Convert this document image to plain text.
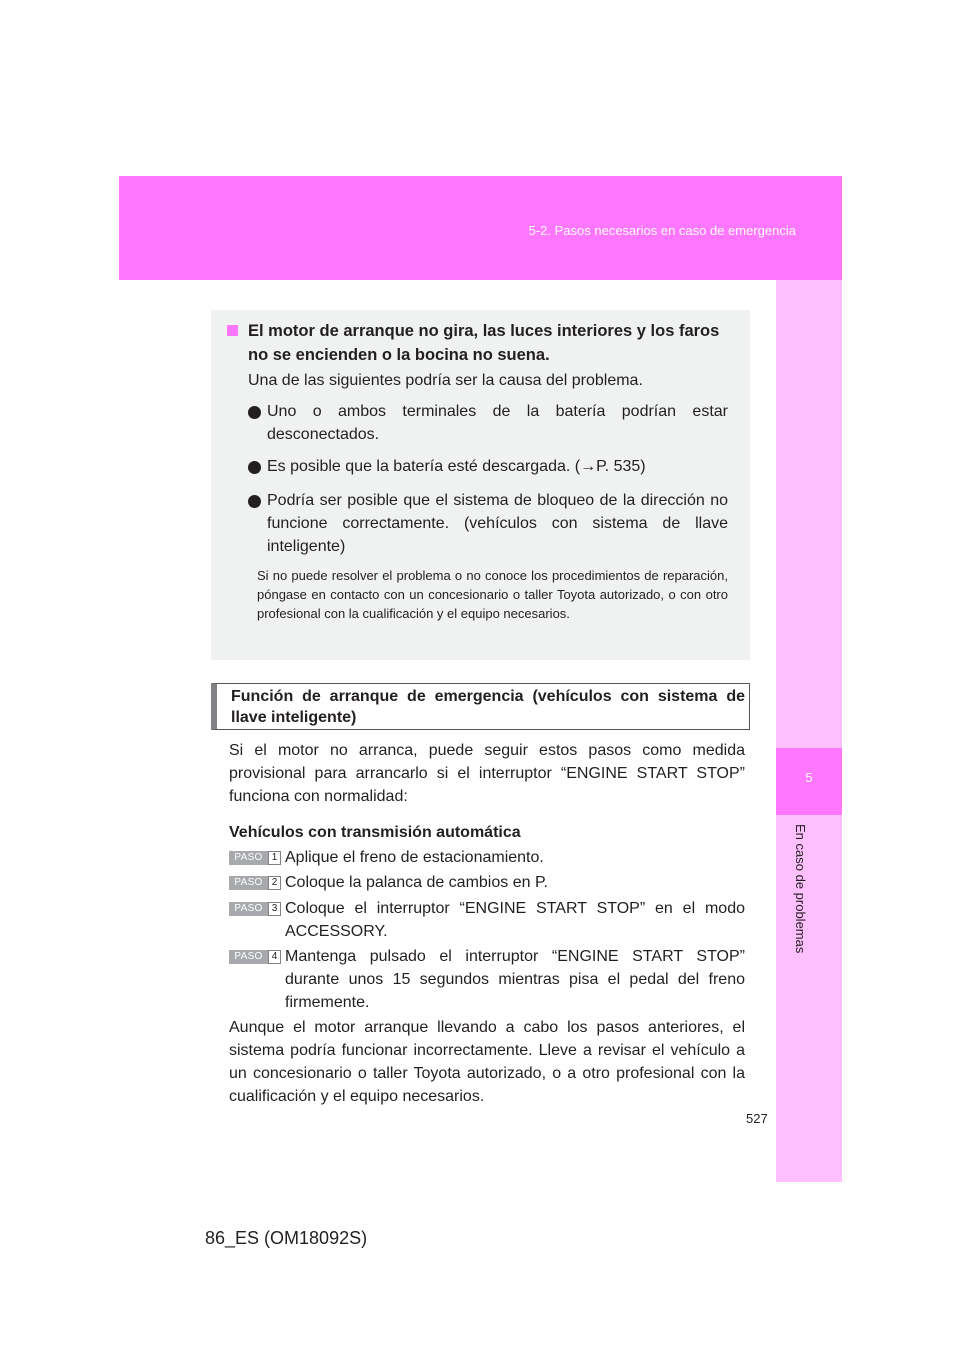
5-2. Pasos necesarios en caso de emergencia
5
En caso de problemas
El motor de arranque no gira, las luces interiores y los faros
no se encienden o la bocina no suena.
Una de las siguientes podría ser la causa del problema.
Uno o ambos terminales de la batería podrían estar desconectados.
Es posible que la batería esté descargada. (→P. 535)
Podría ser posible que el sistema de bloqueo de la dirección no funcione correctamente. (vehículos con sistema de llave inteligente)
Si no puede resolver el problema o no conoce los procedimientos de reparación, póngase en contacto con un concesionario o taller Toyota autorizado, o con otro profesional con la cualificación y el equipo necesarios.
Función de arranque de emergencia (vehículos con sistema de llave inteligente)
Si el motor no arranca, puede seguir estos pasos como medida provisional para arrancarlo si el interruptor “ENGINE START STOP” funciona con normalidad:
Vehículos con transmisión automática
PASO 1 Aplique el freno de estacionamiento.
PASO 2 Coloque la palanca de cambios en P.
PASO 3 Coloque el interruptor “ENGINE START STOP” en el modo ACCESSORY.
PASO 4 Mantenga pulsado el interruptor “ENGINE START STOP” durante unos 15 segundos mientras pisa el pedal del freno firmemente.
Aunque el motor arranque llevando a cabo los pasos anteriores, el sistema podría funcionar incorrectamente. Lleve a revisar el vehículo a un concesionario o taller Toyota autorizado, o a otro profesional con la cualificación y el equipo necesarios.
527
86_ES (OM18092S)
